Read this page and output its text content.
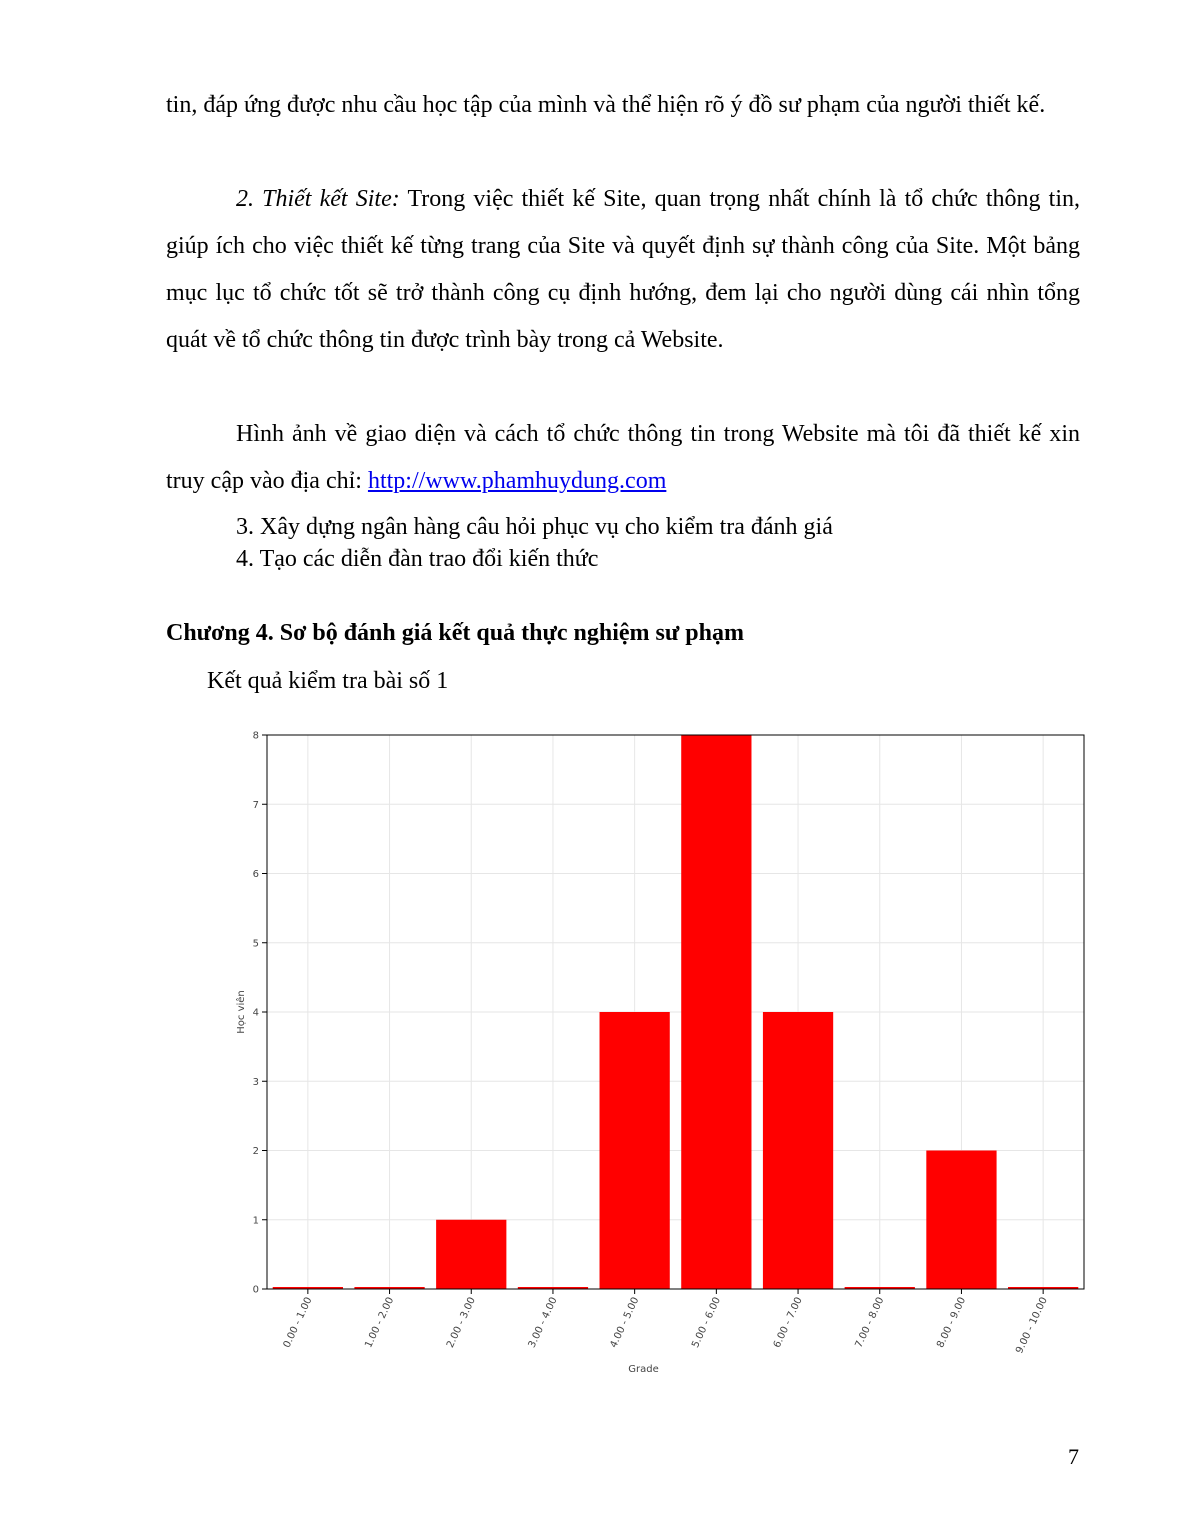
tin, đáp ứng được nhu cầu học tập của mình và thể hiện rõ ý đồ sư phạm của người thiết kế.

2. Thiết kết Site: Trong việc thiết kế Site, quan trọng nhất chính là tổ chức thông tin, giúp ích cho việc thiết kế từng trang của Site và quyết định sự thành công của Site. Một bảng mục lục tổ chức tốt sẽ trở thành công cụ định hướng, đem lại cho người dùng cái nhìn tổng quát về tổ chức thông tin được trình bày trong cả Website.

Hình ảnh về giao diện và cách tổ chức thông tin trong Website mà tôi đã thiết kế xin truy cập vào địa chỉ: http://www.phamhuydung.com

3. Xây dựng ngân hàng câu hỏi phục vụ cho kiểm tra đánh giá

4. Tạo các diễn đàn trao đổi kiến thức

Chương 4. Sơ bộ đánh giá kết quả thực nghiệm sư phạm

Kết quả kiểm tra bài số 1

0
1
2
3
4
5
6
7
8
0.00 - 1.00	1.00 - 2.00	2.00 - 3.00	3.00 - 4.00	4.00 - 5.00	5.00 - 6.00	6.00 - 7.00	7.00 - 8.00	8.00 - 9.00	9.00 - 10.00
Học viên
Grade
7
